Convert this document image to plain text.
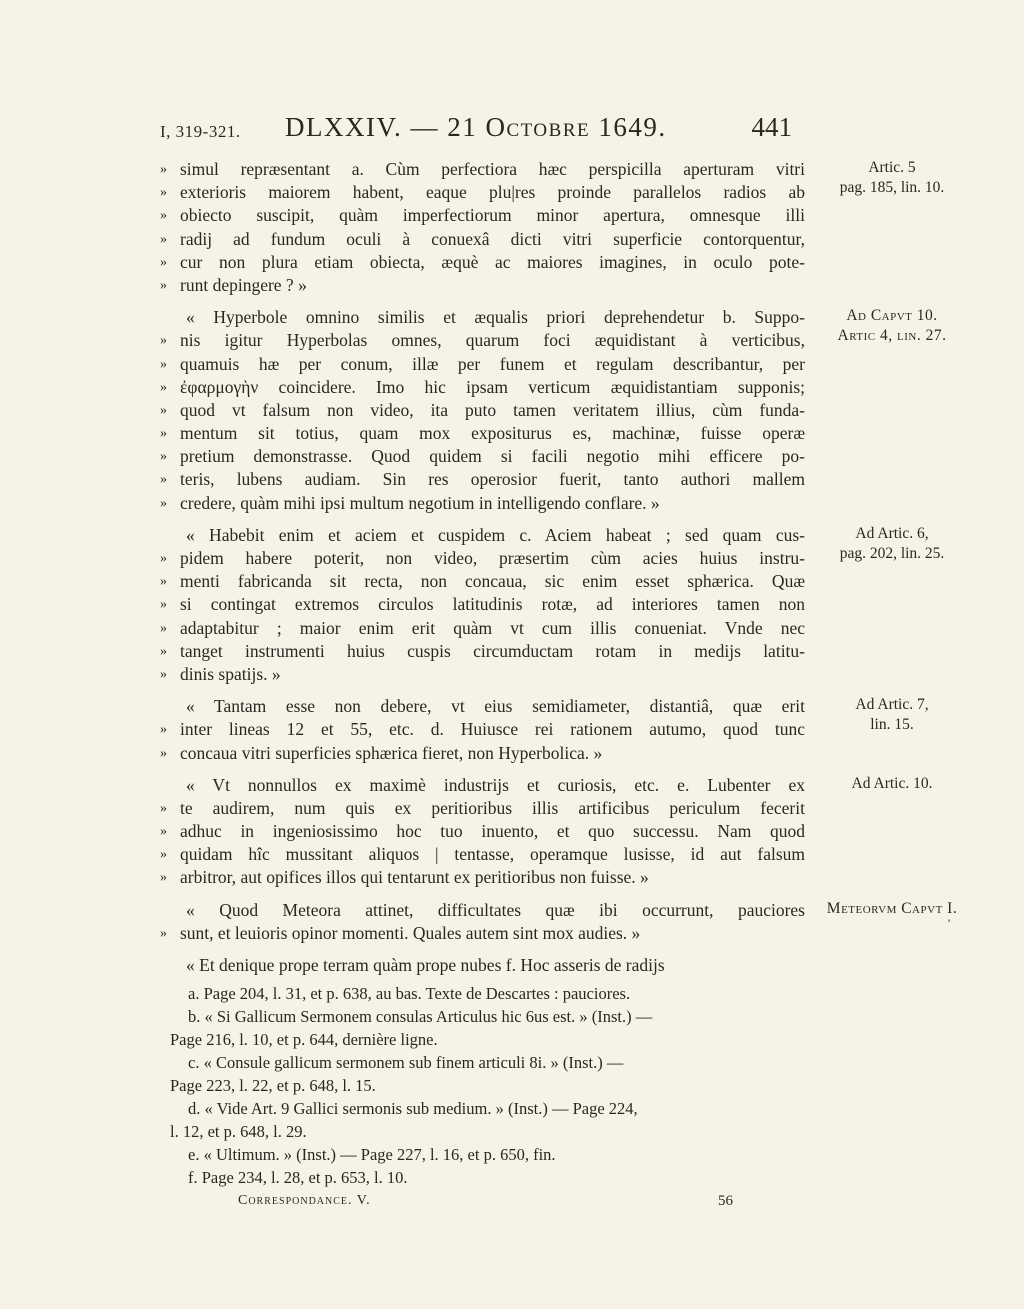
I, 319-321. DLXXIV. — 21 Octobre 1649.	441
» simul repræsentant a. Cùm perfectiora hæc perspicilla aperturam vitri
» exterioris maiorem habent, eaque plu|res proinde parallelos radios ab
» obiecto suscipit, quàm imperfectiorum minor apertura, omnesque illi
» radij ad fundum oculi à conuexâ dicti vitri superficie contorquentur,
» cur non plura etiam obiecta, æquè ac maiores imagines, in oculo pote-
» runt depingere ? »
« Hyperbole omnino similis et æqualis priori deprehendetur b. Suppo-
» nis igitur Hyperbolas omnes, quarum foci æquidistant à verticibus,
» quamuis hæ per conum, illæ per funem et regulam describantur, per
» ἐφαρμογὴν coincidere. Imo hic ipsam verticum æquidistantiam supponis;
» quod vt falsum non video, ita puto tamen veritatem illius, cùm funda-
» mentum sit totius, quam mox expositurus es, machinæ, fuisse operæ
» pretium demonstrasse. Quod quidem si facili negotio mihi efficere po-
» teris, lubens audiam. Sin res operosior fuerit, tanto authori mallem
» credere, quàm mihi ipsi multum negotium in intelligendo conflare. »
« Habebit enim et aciem et cuspidem c. Aciem habeat ; sed quam cus-
» pidem habere poterit, non video, præsertim cùm acies huius instru-
» menti fabricanda sit recta, non concaua, sic enim esset sphærica. Quæ
» si contingat extremos circulos latitudinis rotæ, ad interiores tamen non
» adaptabitur ; maior enim erit quàm vt cum illis conueniat. Vnde nec
» tanget instrumenti huius cuspis circumductam rotam in medijs latitu-
» dinis spatijs. »
« Tantam esse non debere, vt eius semidiameter, distantiâ, quæ erit
» inter lineas 12 et 55, etc. d. Huiusce rei rationem autumo, quod tunc
» concaua vitri superficies sphærica fieret, non Hyperbolica. »
« Vt nonnullos ex maximè industrijs et curiosis, etc. e. Lubenter ex
» te audirem, num quis ex peritioribus illis artificibus periculum fecerit
» adhuc in ingeniosissimo hoc tuo inuento, et quo successu. Nam quod
» quidam hîc mussitant aliquos | tentasse, operamque lusisse, id aut falsum
» arbitror, aut opifices illos qui tentarunt ex peritioribus non fuisse. »
« Quod Meteora attinet, difficultates quæ ibi occurrunt, pauciores
» sunt, et leuioris opinor momenti. Quales autem sint mox audies. »
« Et denique prope terram quàm prope nubes f. Hoc asseris de radijs
Artic. 5
pag. 185, lin. 10.
Ad Capvt 10.
Artic 4, lin. 27.
Ad Artic. 6,
pag. 202, lin. 25.
Ad Artic. 7,
lin. 15.
Ad Artic. 10.
Meteorvm Capvt I.
a. Page 204, l. 31, et p. 638, au bas. Texte de Descartes : pauciores.
b. « Si Gallicum Sermonem consulas Articulus hic 6us est. » (Inst.) —
Page 216, l. 10, et p. 644, dernière ligne.
c. « Consule gallicum sermonem sub finem articuli 8i. » (Inst.) —
Page 223, l. 22, et p. 648, l. 15.
d. « Vide Art. 9 Gallici sermonis sub medium. » (Inst.) — Page 224,
l. 12, et p. 648, l. 29.
e. « Ultimum. » (Inst.) — Page 227, l. 16, et p. 650, fin.
f. Page 234, l. 28, et p. 653, l. 10.
Correspondance. V.	56
'
